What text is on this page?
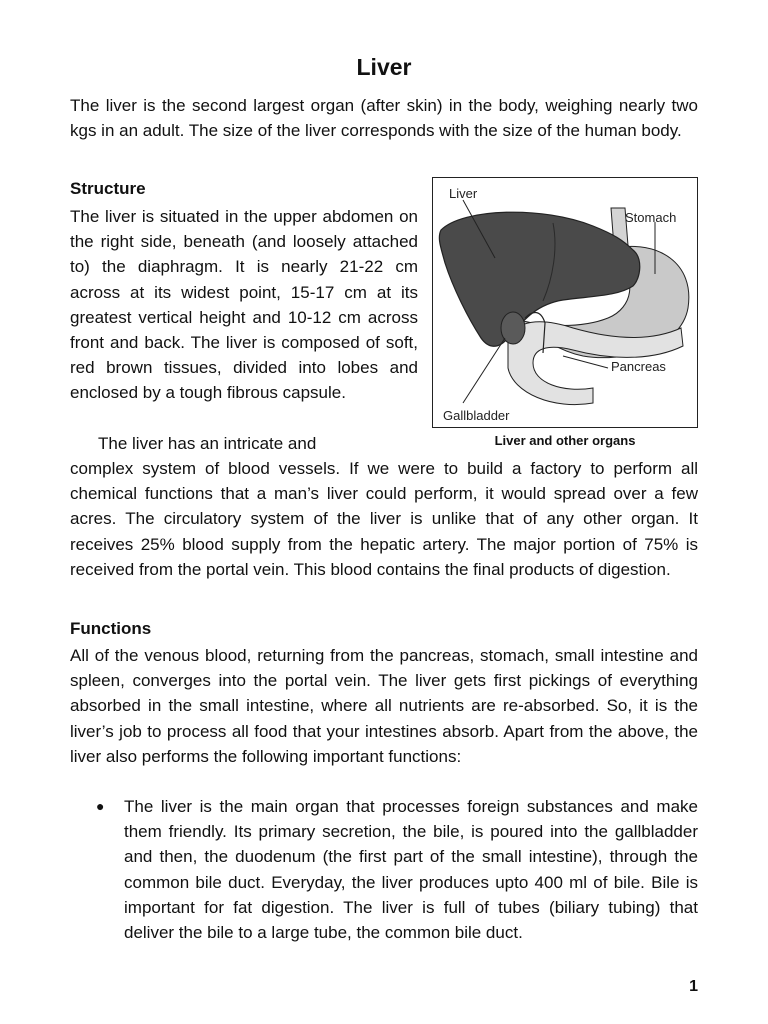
Liver

The liver is the second largest organ (after skin) in the body, weighing nearly two kgs in an adult. The size of the liver corresponds with the size of the human body.

Structure

The liver is situated in the upper abdomen on the right side, beneath (and loosely attached to) the diaphragm. It is nearly 21-22 cm across at its widest point, 15-17 cm at its greatest vertical height and 10-12 cm across front and back. The liver is composed of soft, red brown tissues, divided into lobes and enclosed by a tough fibrous capsule.

The liver has an intricate and

complex system of blood vessels. If we were to build a factory to perform all chemical functions that a man’s liver could perform, it would spread over a few acres. The circulatory system of the liver is unlike that of any other organ. It receives 25% blood supply from the hepatic artery. The major portion of 75% is received from the portal vein. This blood contains the final products of digestion.

Liver
Stomach
Pancreas
Gallbladder
Liver and other organs
Functions

All of the venous blood, returning from the pancreas, stomach, small intestine and spleen, converges into the portal vein. The liver gets first pickings of everything absorbed in the small intestine, where all nutrients are re-absorbed. So, it is the liver’s job to process all food that your intestines absorb. Apart from the above, the liver also performs the following important functions:

● The liver is the main organ that processes foreign substances and make them friendly. Its primary secretion, the bile, is poured into the gallbladder and then, the duodenum (the first part of the small intestine), through the common bile duct. Everyday, the liver produces upto 400 ml of bile. Bile is important for fat digestion. The liver is full of tubes (biliary tubing) that deliver the bile to a large tube, the common bile duct.
1
